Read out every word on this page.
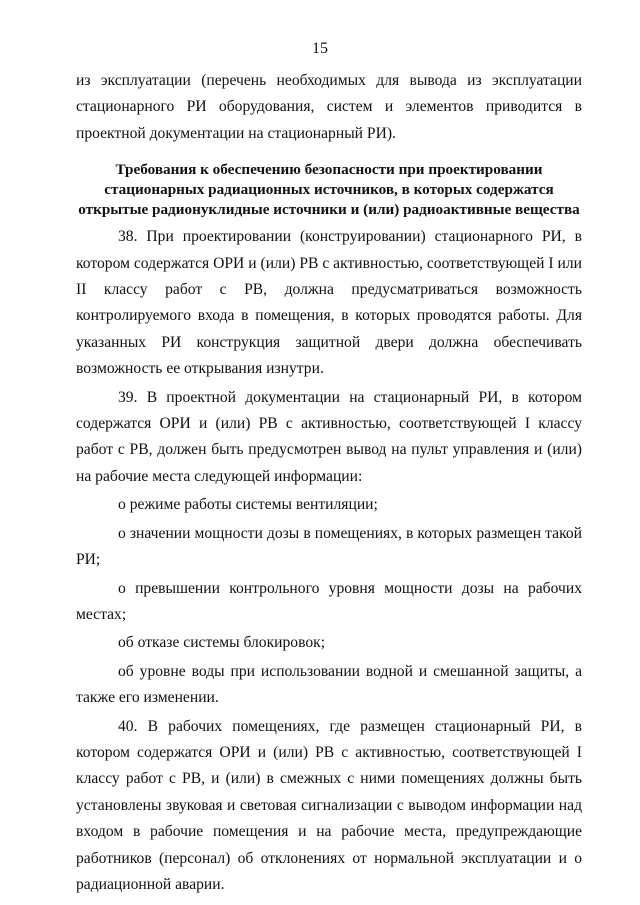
15

из эксплуатации (перечень необходимых для вывода из эксплуатации стационарного РИ оборудования, систем и элементов приводится в проектной документации на стационарный РИ).

Требования к обеспечению безопасности при проектировании
стационарных радиационных источников, в которых содержатся
открытые радионуклидные источники и (или) радиоактивные вещества

38. При проектировании (конструировании) стационарного РИ, в котором содержатся ОРИ и (или) РВ с активностью, соответствующей I или II классу работ с РВ, должна предусматриваться возможность контролируемого входа в помещения, в которых проводятся работы. Для указанных РИ конструкция защитной двери должна обеспечивать возможность ее открывания изнутри.

39. В проектной документации на стационарный РИ, в котором содержатся ОРИ и (или) РВ с активностью, соответствующей I классу работ с РВ, должен быть предусмотрен вывод на пульт управления и (или) на рабочие места следующей информации:

о режиме работы системы вентиляции;

о значении мощности дозы в помещениях, в которых размещен такой РИ;

о превышении контрольного уровня мощности дозы на рабочих местах;

об отказе системы блокировок;

об уровне воды при использовании водной и смешанной защиты, а также его изменении.

40. В рабочих помещениях, где размещен стационарный РИ, в котором содержатся ОРИ и (или) РВ с активностью, соответствующей I классу работ с РВ, и (или) в смежных с ними помещениях должны быть установлены звуковая и световая сигнализации с выводом информации над входом в рабочие помещения и на рабочие места, предупреждающие работников (персонал) об отклонениях от нормальной эксплуатации и о радиационной аварии.
